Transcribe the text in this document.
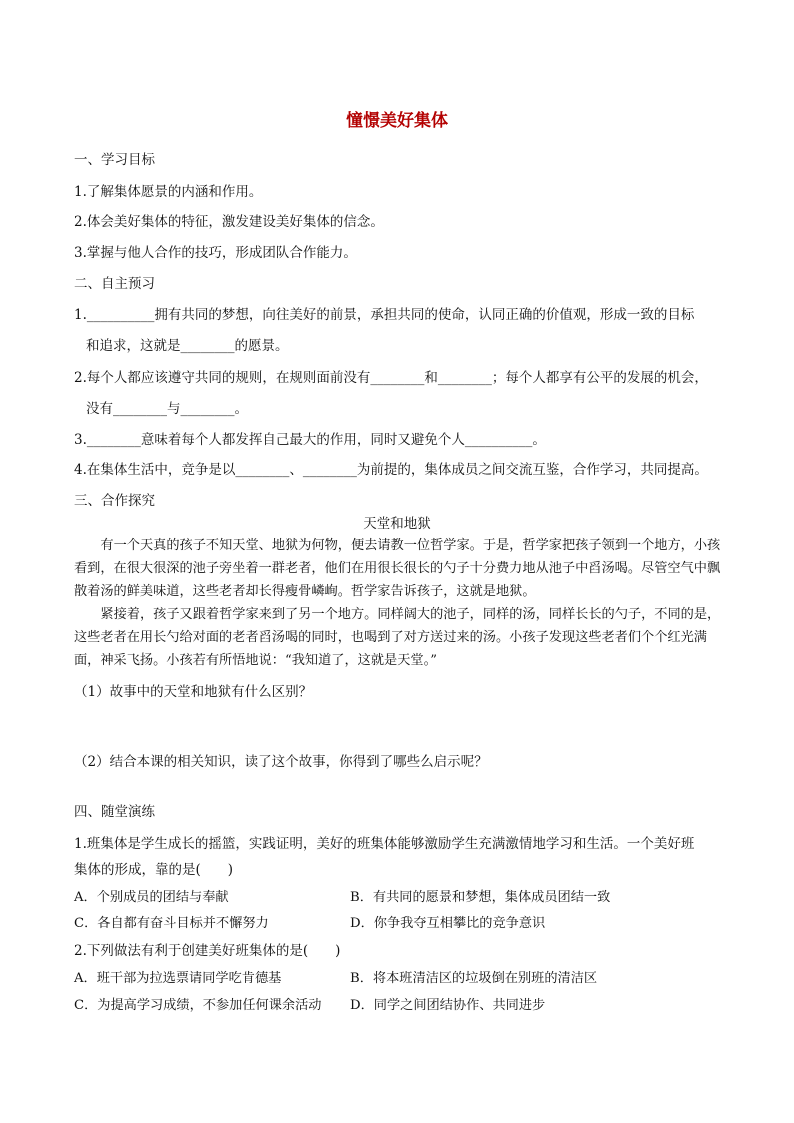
憧憬美好集体
一、学习目标
1.了解集体愿景的内涵和作用。
2.体会美好集体的特征，激发建设美好集体的信念。
3.掌握与他人合作的技巧，形成团队合作能力。
二、自主预习
1.__________拥有共同的梦想，向往美好的前景，承担共同的使命，认同正确的价值观，形成一致的目标
和追求，这就是________的愿景。
2.每个人都应该遵守共同的规则，在规则面前没有________和________；每个人都享有公平的发展的机会，
没有________与________。
3.________意味着每个人都发挥自己最大的作用，同时又避免个人__________。
4.在集体生活中，竞争是以________、________为前提的，集体成员之间交流互鉴，合作学习，共同提高。
三、合作探究
天堂和地狱

有一个天真的孩子不知天堂、地狱为何物，便去请教一位哲学家。于是，哲学家把孩子领到一个地方，小孩看到，在很大很深的池子旁坐着一群老者，他们在用很长很长的勺子十分费力地从池子中舀汤喝。尽管空气中飘散着汤的鲜美味道，这些老者却长得瘦骨嶙峋。哲学家告诉孩子，这就是地狱。

紧接着，孩子又跟着哲学家来到了另一个地方。同样阔大的池子，同样的汤，同样长长的勺子，不同的是，这些老者在用长勺给对面的老者舀汤喝的同时，也喝到了对方送过来的汤。小孩子发现这些老者们个个红光满面，神采飞扬。小孩若有所悟地说：“我知道了，这就是天堂。”

（1）故事中的天堂和地狱有什么区别？
（2）结合本课的相关知识，读了这个故事，你得到了哪些么启示呢？
四、随堂演练
1.班集体是学生成长的摇篮，实践证明，美好的班集体能够激励学生充满激情地学习和生活。一个美好班
集体的形成，靠的是(　　)
A．个别成员的团结与奉献	B．有共同的愿景和梦想，集体成员团结一致
C．各自都有奋斗目标并不懈努力	D．你争我夺互相攀比的竞争意识
2.下列做法有利于创建美好班集体的是(　　)
A．班干部为拉选票请同学吃肯德基	B．将本班清洁区的垃圾倒在别班的清洁区
C．为提高学习成绩，不参加任何课余活动 D．同学之间团结协作、共同进步
